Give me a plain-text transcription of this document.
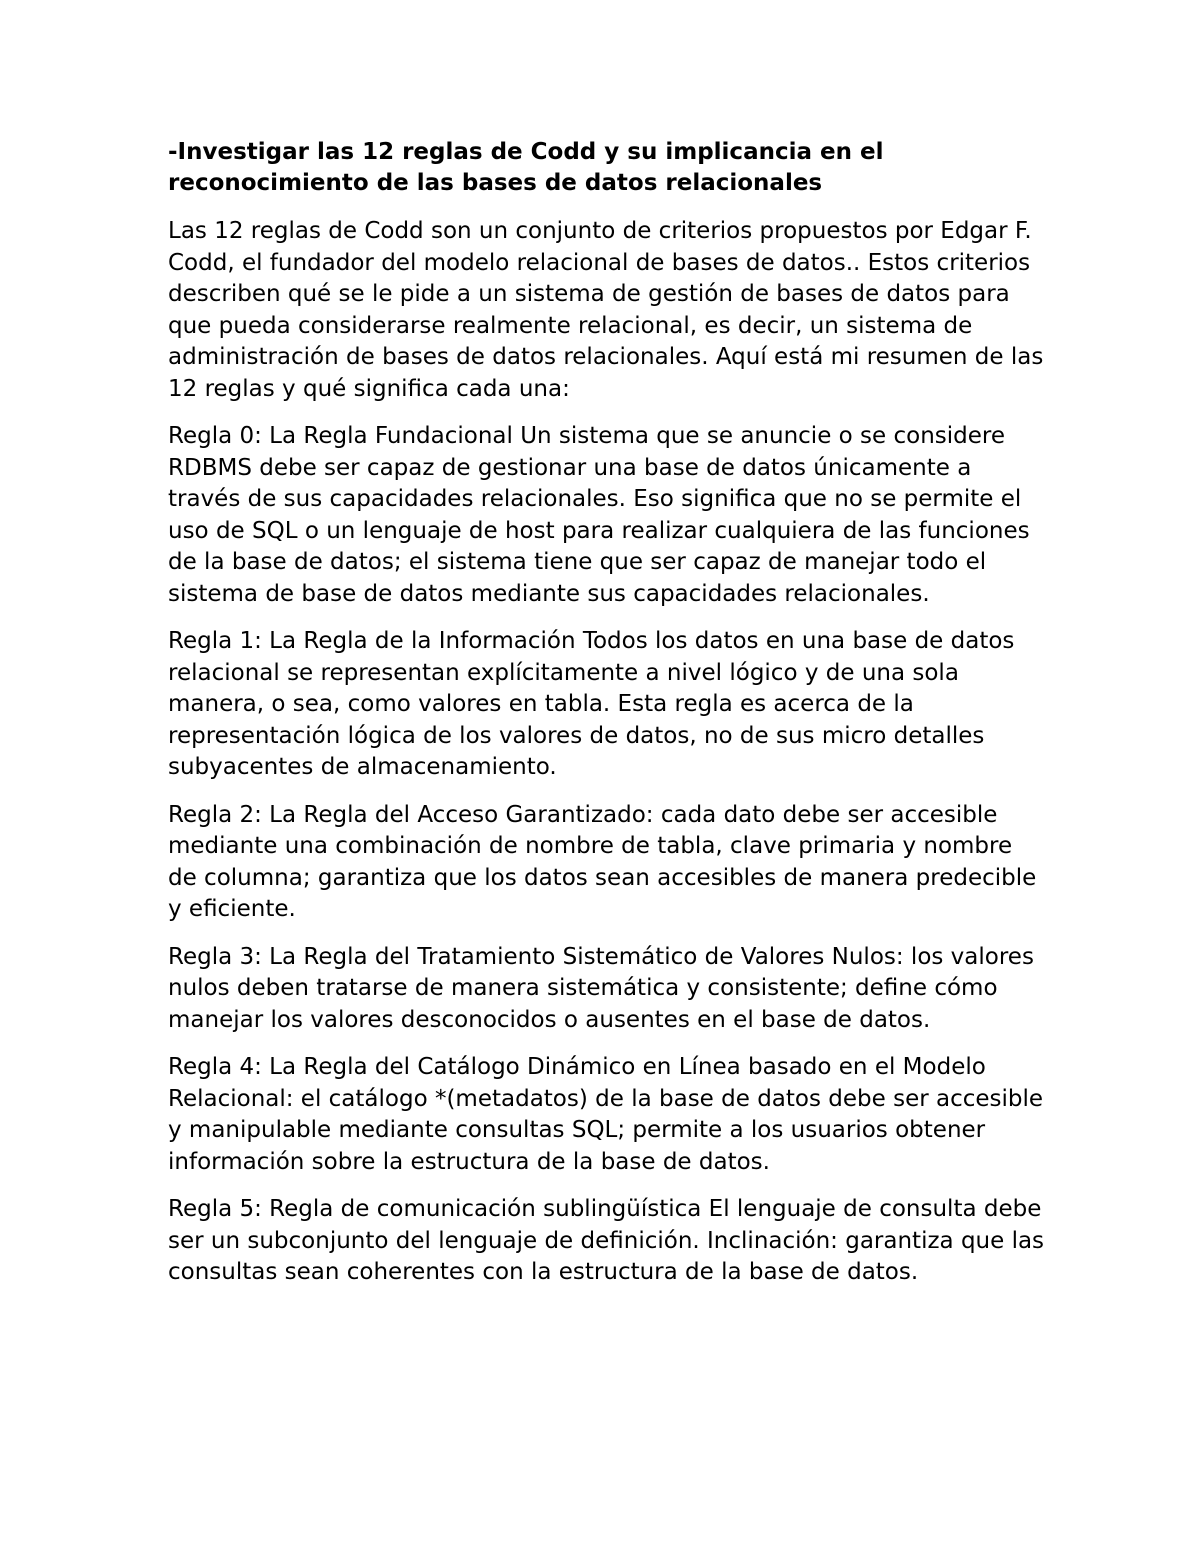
-Investigar las 12 reglas de Codd y su implicancia en el reconocimiento de las bases de datos relacionales

Las 12 reglas de Codd son un conjunto de criterios propuestos por Edgar F. Codd, el fundador del modelo relacional de bases de datos.. Estos criterios describen qué se le pide a un sistema de gestión de bases de datos para que pueda considerarse realmente relacional, es decir, un sistema de administración de bases de datos relacionales. Aquí está mi resumen de las 12 reglas y qué significa cada una:

Regla 0: La Regla Fundacional Un sistema que se anuncie o se considere RDBMS debe ser capaz de gestionar una base de datos únicamente a través de sus capacidades relacionales. Eso significa que no se permite el uso de SQL o un lenguaje de host para realizar cualquiera de las funciones de la base de datos; el sistema tiene que ser capaz de manejar todo el sistema de base de datos mediante sus capacidades relacionales.

Regla 1: La Regla de la Información Todos los datos en una base de datos relacional se representan explícitamente a nivel lógico y de una sola manera, o sea, como valores en tabla. Esta regla es acerca de la representación lógica de los valores de datos, no de sus micro detalles subyacentes de almacenamiento.

Regla 2: La Regla del Acceso Garantizado: cada dato debe ser accesible mediante una combinación de nombre de tabla, clave primaria y nombre de columna; garantiza que los datos sean accesibles de manera predecible y eficiente.

Regla 3: La Regla del Tratamiento Sistemático de Valores Nulos: los valores nulos deben tratarse de manera sistemática y consistente; define cómo manejar los valores desconocidos o ausentes en el base de datos.

Regla 4: La Regla del Catálogo Dinámico en Línea basado en el Modelo Relacional: el catálogo *(metadatos) de la base de datos debe ser accesible y manipulable mediante consultas SQL; permite a los usuarios obtener información sobre la estructura de la base de datos.

Regla 5: Regla de comunicación sublingüística El lenguaje de consulta debe ser un subconjunto del lenguaje de definición. Inclinación: garantiza que las consultas sean coherentes con la estructura de la base de datos.
